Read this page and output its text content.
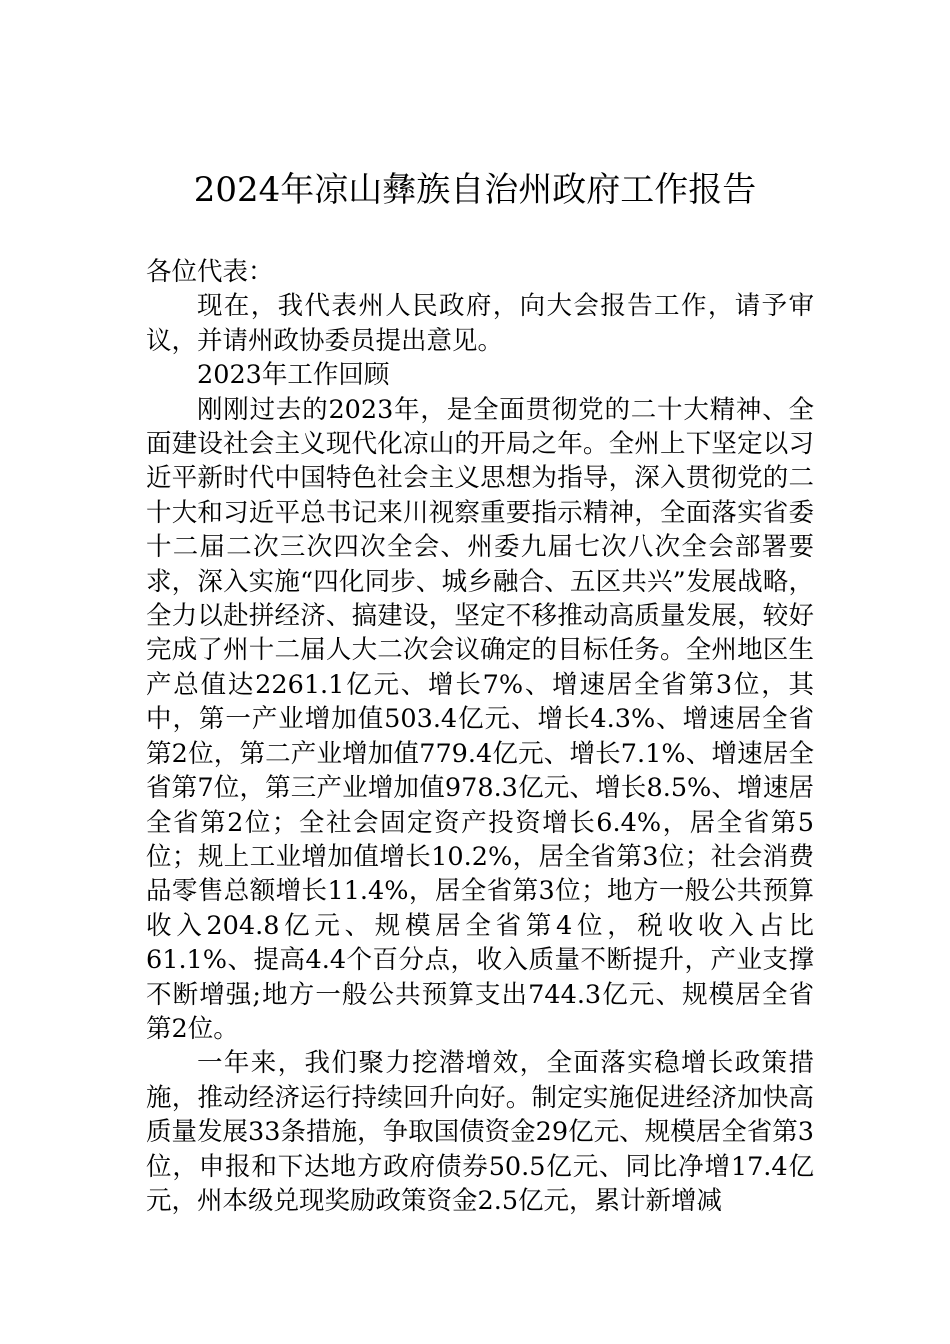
2024年凉山彝族自治州政府工作报告

各位代表：

现在，我代表州人民政府，向大会报告工作，请予审议，并请州政协委员提出意见。

2023年工作回顾

刚刚过去的2023年，是全面贯彻党的二十大精神、全面建设社会主义现代化凉山的开局之年。全州上下坚定以习近平新时代中国特色社会主义思想为指导，深入贯彻党的二十大和习近平总书记来川视察重要指示精神，全面落实省委十二届二次三次四次全会、州委九届七次八次全会部署要求，深入实施“四化同步、城乡融合、五区共兴”发展战略，全力以赴拼经济、搞建设，坚定不移推动高质量发展，较好完成了州十二届人大二次会议确定的目标任务。全州地区生产总值达2261.1亿元、增长7%、增速居全省第3位，其中，第一产业增加值503.4亿元、增长4.3%、增速居全省第2位，第二产业增加值779.4亿元、增长7.1%、增速居全省第7位，第三产业增加值978.3亿元、增长8.5%、增速居全省第2位；全社会固定资产投资增长6.4%，居全省第5位；规上工业增加值增长10.2%，居全省第3位；社会消费品零售总额增长11.4%，居全省第3位；地方一般公共预算收入204.8亿元、规模居全省第4位，税收收入占比61.1%、提高4.4个百分点，收入质量不断提升，产业支撑不断增强;地方一般公共预算支出744.3亿元、规模居全省第2位。

一年来，我们聚力挖潜增效，全面落实稳增长政策措施，推动经济运行持续回升向好。制定实施促进经济加快高质量发展33条措施，争取国债资金29亿元、规模居全省第3位，申报和下达地方政府债券50.5亿元、同比净增17.4亿元，州本级兑现奖励政策资金2.5亿元，累计新增减
